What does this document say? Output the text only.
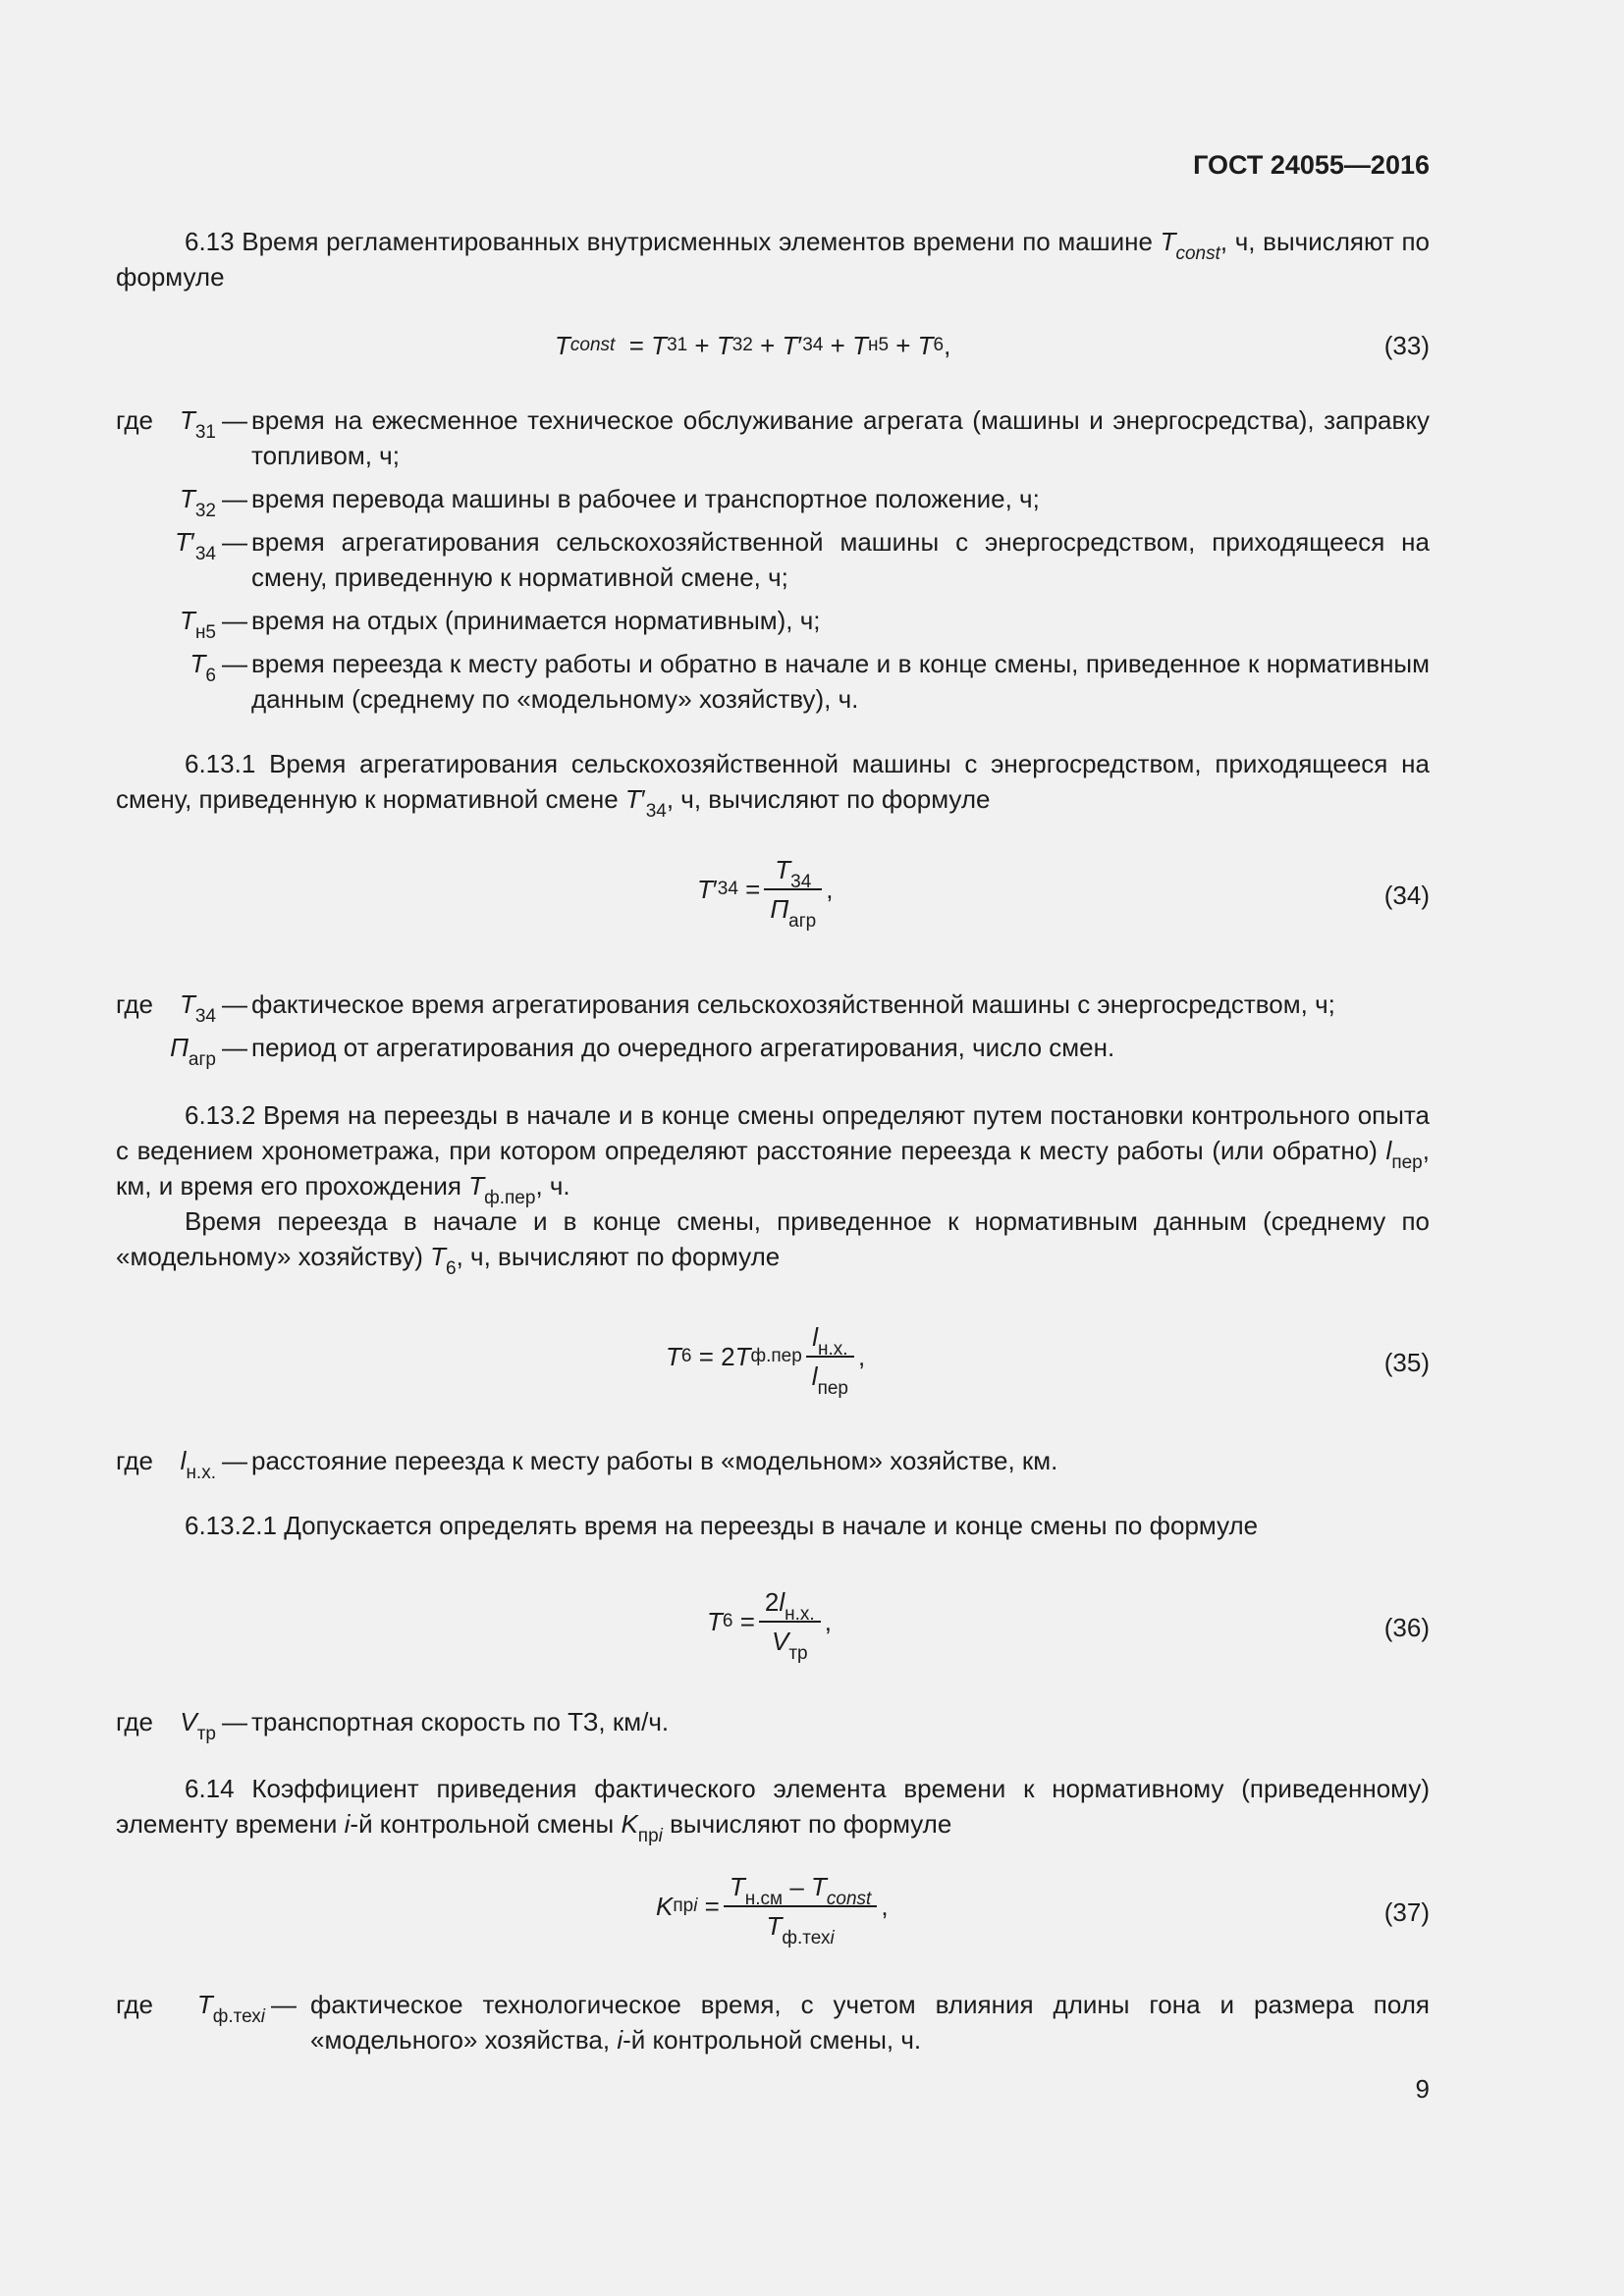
ГОСТ 24055—2016
6.13 Время регламентированных внутрисменных элементов времени по машине $T_{const}$, ч, вычисляют по формуле
T const = T 31 + T 32 + T ′ 34 + T н5 + T 6 ,	(33)
где	$T_{31}$ — время на ежесменное техническое обслуживание агрегата (машины и энергосредства), заправку топливом, ч;
$T_{32}$ — время перевода машины в рабочее и транспортное положение, ч;
$T'_{34}$ — время агрегатирования сельскохозяйственной машины с энергосредством, приходящееся на смену, приведенную к нормативной смене, ч;
$T_{н5}$ — время на отдых (принимается нормативным), ч;
$T_6$ — время переезда к месту работы и обратно в начале и в конце смены, приведенное к нормативным данным (среднему по «модельному» хозяйству), ч.
6.13.1 Время агрегатирования сельскохозяйственной машины с энергосредством, приходящееся на смену, приведенную к нормативной смене $T'_{34}$, ч, вычисляют по формуле
T ′ $34 = \frac{T_{34}}{П_{агр}}$ ,	(34)
где	$T_{34}$ — фактическое время агрегатирования сельскохозяйственной машины с энергосредством, ч;
$П_{агр}$ — период от агрегатирования до очередного агрегатирования, число смен.
6.13.2 Время на переезды в начале и в конце смены определяют путем постановки контрольного опыта с ведением хронометража, при котором определяют расстояние переезда к месту работы (или обратно) $l_{пер}$, км, и время его прохождения $T_{ф.пер}$, ч.
Время переезда в начале и в конце смены, приведенное к нормативным данным (среднему по «модельному» хозяйству) $T_6$, ч, вычисляют по формуле
T 6 = 2 T $ф.пер \frac{l_{н.х.}}{l_{пер}}$ ,	(35)
где	$l_{н.х.}$ — расстояние переезда к месту работы в «модельном» хозяйстве, км.
6.13.2.1 Допускается определять время на переезды в начале и конце смены по формуле
T $6 = \frac{2l_{н.х.}}{V_{тр}}$ ,	(36)
где	$V_{тр}$ — транспортная скорость по ТЗ, км/ч.
6.14 Коэффициент приведения фактического элемента времени к нормативному (приведенному) элементу времени i-й контрольной смены $K_{прi}$ вычисляют по формуле
K прi = $\frac{T_{н.см} - T_{const}}{T_{ф.техi}}$ ,	(37)
где	$T_{ф.техi}$ — фактическое технологическое время, с учетом влияния длины гона и размера поля «модельного» хозяйства, i-й контрольной смены, ч.
9
